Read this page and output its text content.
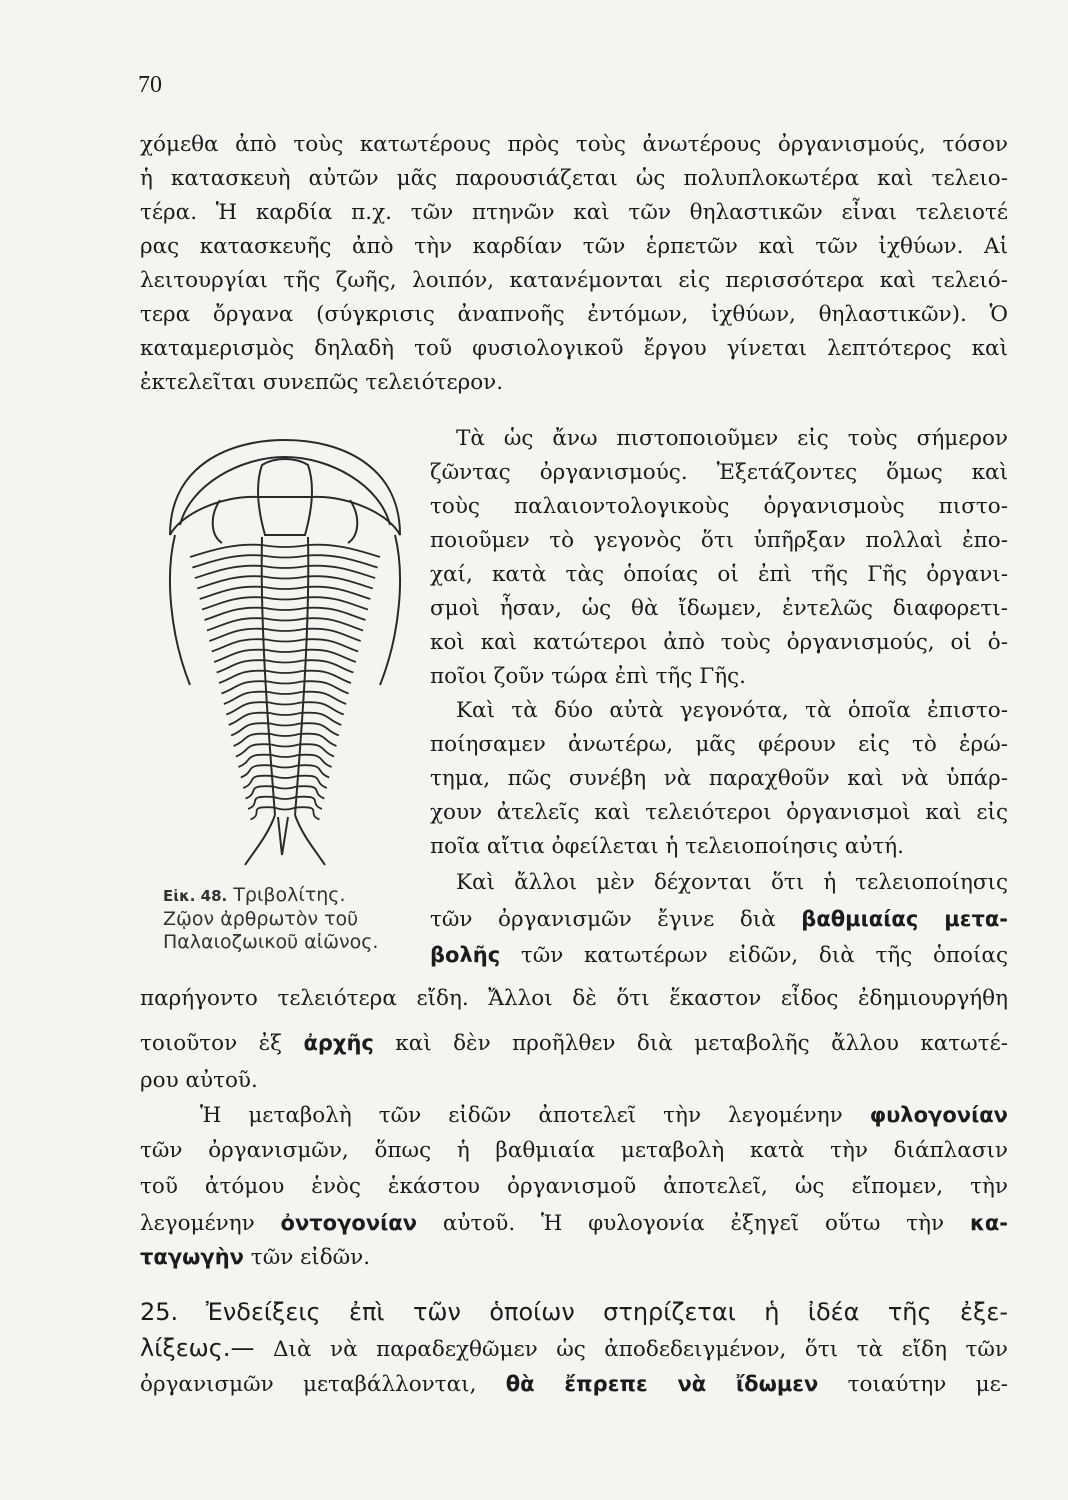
70
χόμεθα ἀπὸ τοὺς κατωτέρους πρὸς τοὺς ἀνωτέρους ὀργανισμούς, τόσον
ἡ κατασκευὴ αὐτῶν μᾶς παρουσιάζεται ὡς πολυπλοκωτέρα καὶ τελειο-
τέρα. Ἡ καρδία π.χ. τῶν πτηνῶν καὶ τῶν θηλαστικῶν εἶναι τελειοτέ
ρας κατασκευῆς ἀπὸ τὴν καρδίαν τῶν ἑρπετῶν καὶ τῶν ἰχθύων. Αἱ
λειτουργίαι τῆς ζωῆς, λοιπόν, κατανέμονται εἰς περισσότερα καὶ τελειό-
τερα ὄργανα (σύγκρισις ἀναπνοῆς ἐντόμων, ἰχθύων, θηλαστικῶν). Ὁ
καταμερισμὸς δηλαδὴ τοῦ φυσιολογικοῦ ἔργου γίνεται λεπτότερος καὶ
ἐκτελεῖται συνεπῶς τελειότερον.
Τὰ ὡς ἄνω πιστοποιοῦμεν εἰς τοὺς σήμερον
ζῶντας ὀργανισμούς. Ἐξετάζοντες ὅμως καὶ
τοὺς παλαιοντολογικοὺς ὀργανισμοὺς πιστο-
ποιοῦμεν τὸ γεγονὸς ὅτι ὑπῆρξαν πολλαὶ ἐπο-
χαί, κατὰ τὰς ὁποίας οἱ ἐπὶ τῆς Γῆς ὀργανι-
σμοὶ ἦσαν, ὡς θὰ ἴδωμεν, ἐντελῶς διαφορετι-
κοὶ καὶ κατώτεροι ἀπὸ τοὺς ὀργανισμούς, οἱ ὁ-
ποῖοι ζοῦν τώρα ἐπὶ τῆς Γῆς.
Καὶ τὰ δύο αὐτὰ γεγονότα, τὰ ὁποῖα ἐπιστο-
ποίησαμεν ἀνωτέρω, μᾶς φέρουν εἰς τὸ ἐρώ-
τημα, πῶς συνέβη νὰ παραχθοῦν καὶ νὰ ὑπάρ-
χουν ἀτελεῖς καὶ τελειότεροι ὀργανισμοὶ καὶ εἰς
ποῖα αἴτια ὀφείλεται ἡ τελειοποίησις αὐτή.
Καὶ ἄλλοι μὲν δέχονται ὅτι ἡ τελειοποίησις
τῶν ὀργανισμῶν ἔγινε διὰ βαθμιαίας μετα-
βολῆς τῶν κατωτέρων εἰδῶν, διὰ τῆς ὁποίας
Εἰκ. 48. Τριβολίτης.
Ζῷον ἀρθρωτὸν τοῦ
Παλαιοζωικοῦ αἰῶνος.
παρήγοντο τελειότερα εἴδη. Ἄλλοι δὲ ὅτι ἕκαστον εἶδος ἐδημιουργήθη
τοιοῦτον ἐξ ἀρχῆς καὶ δὲν προῆλθεν διὰ μεταβολῆς ἄλλου κατωτέ-
ρου αὐτοῦ.
Ἡ μεταβολὴ τῶν εἰδῶν ἀποτελεῖ τὴν λεγομένην φυλογονίαν
τῶν ὀργανισμῶν, ὅπως ἡ βαθμιαία μεταβολὴ κατὰ τὴν διάπλασιν
τοῦ ἀτόμου ἑνὸς ἑκάστου ὀργανισμοῦ ἀποτελεῖ, ὡς εἴπομεν, τὴν
λεγομένην ὀντογονίαν αὐτοῦ. Ἡ φυλογονία ἐξηγεῖ οὕτω τὴν κα-
ταγωγὴν τῶν εἰδῶν.
25. Ἐνδείξεις ἐπὶ τῶν ὁποίων στηρίζεται ἡ ἰδέα τῆς ἐξε-
λίξεως.— Διὰ νὰ παραδεχθῶμεν ὡς ἀποδεδειγμένον, ὅτι τὰ εἴδη τῶν
ὀργανισμῶν μεταβάλλονται, θὰ ἔπρεπε νὰ ἴδωμεν τοιαύτην με-
